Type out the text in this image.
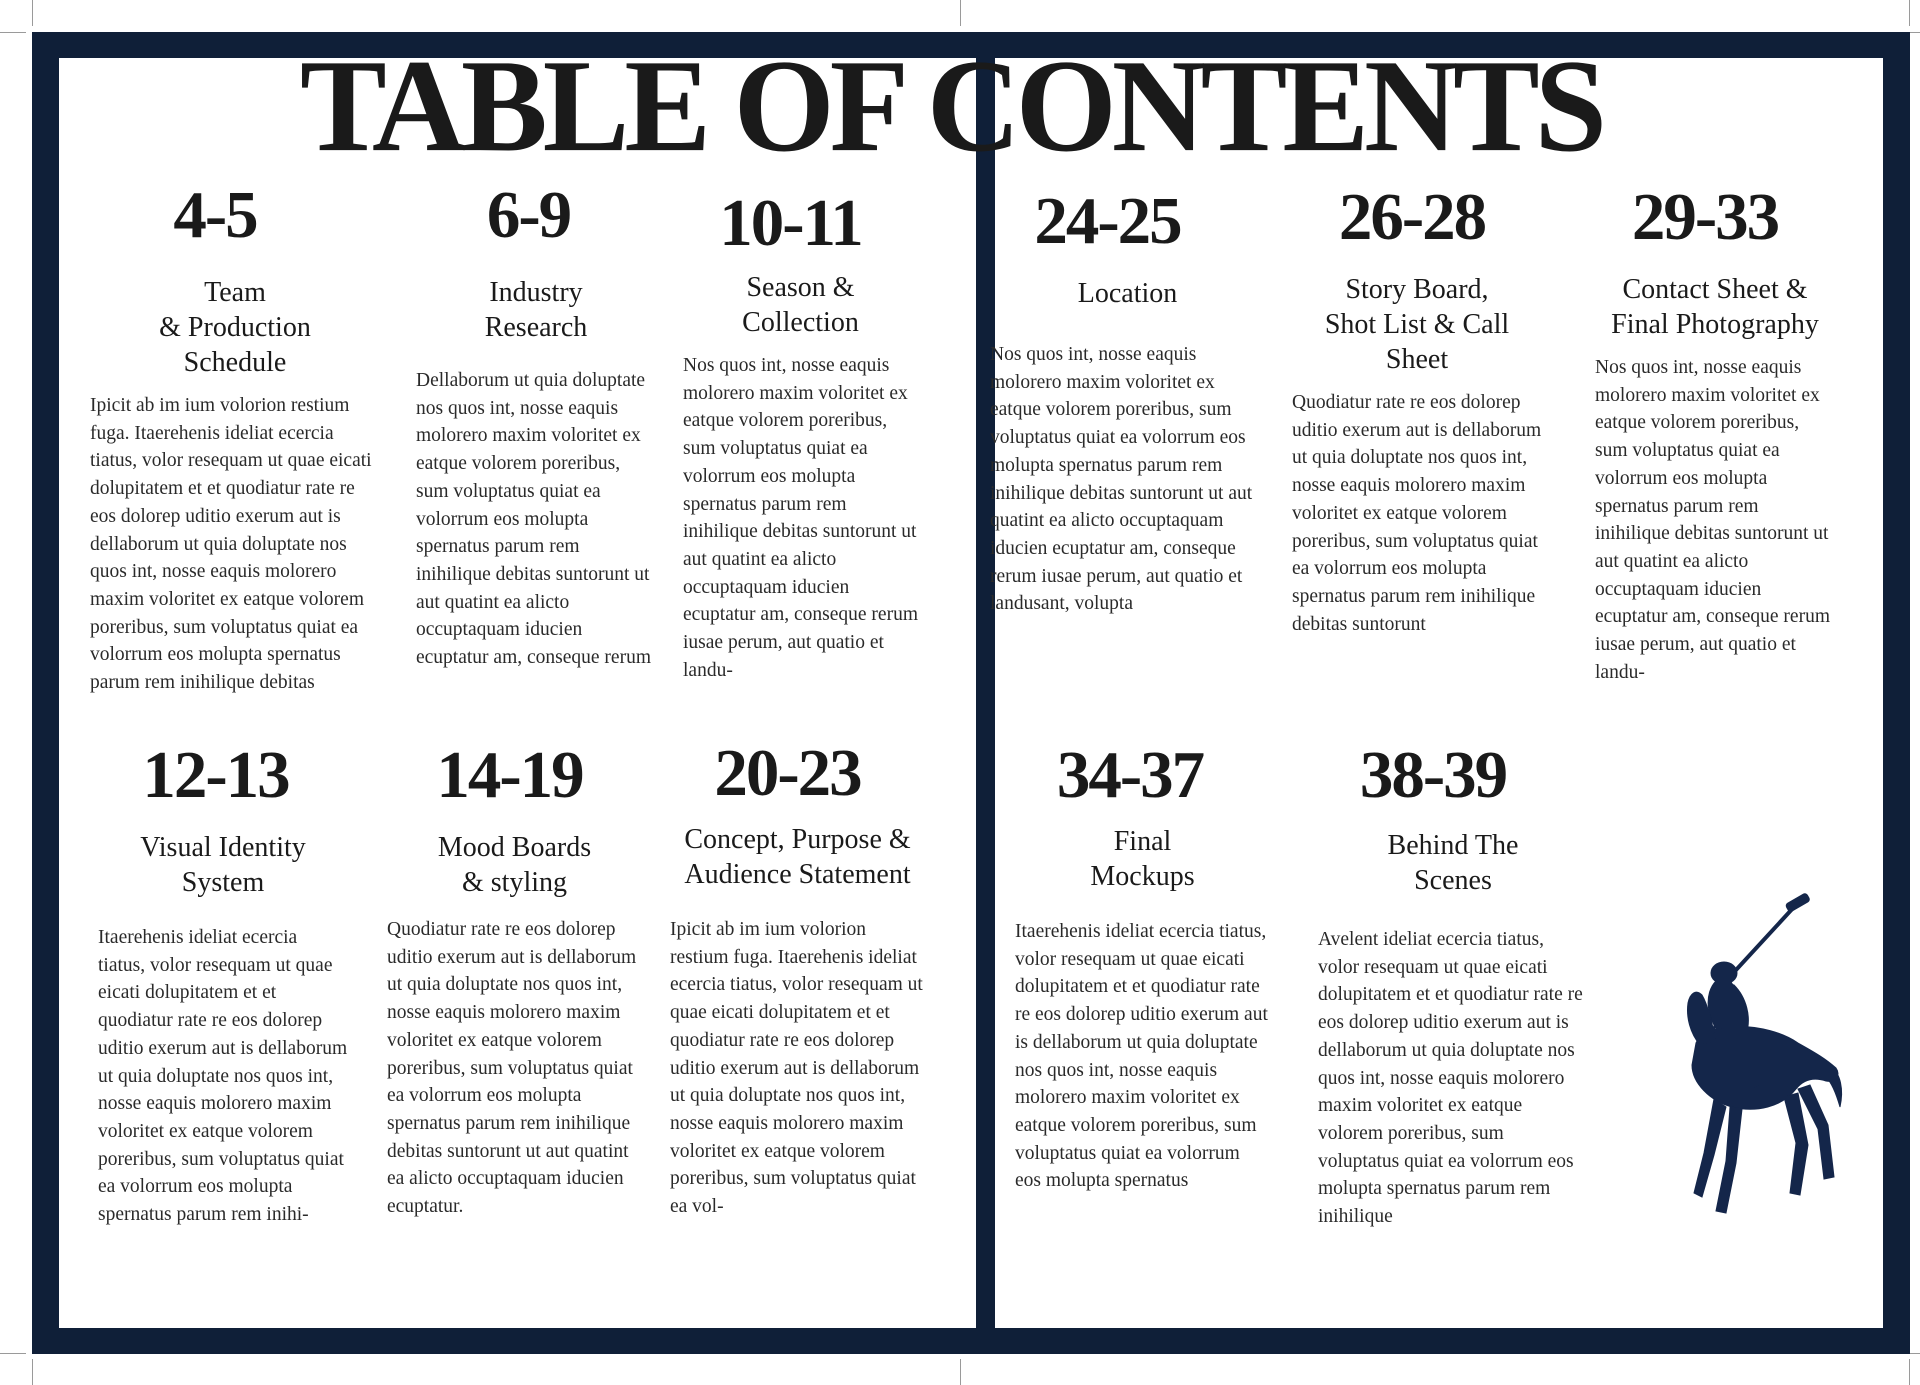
TABLE OF CONTENTS
4-5
Team
& Production
Schedule
Ipicit ab im ium volorion restium fuga. Itaerehenis ideliat ecercia tiatus, volor resequam ut quae eicati dolupitatem et et quodiatur rate re eos dolorep uditio exerum aut is dellaborum ut quia doluptate nos quos int, nosse eaquis molorero maxim voloritet ex eatque volorem poreribus, sum voluptatus quiat ea volorrum eos molupta spernatus parum rem inihilique debitas
6-9
Industry
Research
Dellaborum ut quia doluptate nos quos int, nosse eaquis molorero maxim voloritet ex eatque volorem poreribus, sum voluptatus quiat ea volorrum eos molupta spernatus parum rem inihilique debitas suntorunt ut aut quatint ea alicto occuptaquam iducien ecuptatur am, conseque rerum
10-11
Season &
Collection
Nos quos int, nosse eaquis molorero maxim voloritet ex eatque volorem poreribus, sum voluptatus quiat ea volorrum eos molupta spernatus parum rem inihilique debitas suntorunt ut aut quatint ea alicto occuptaquam iducien ecuptatur am, conseque rerum iusae perum, aut quatio et landu-
24-25
Location
Nos quos int, nosse eaquis molorero maxim voloritet ex eatque volorem poreribus, sum voluptatus quiat ea volorrum eos molupta spernatus parum rem inihilique debitas suntorunt ut aut quatint ea alicto occuptaquam iducien ecuptatur am, conseque rerum iusae perum, aut quatio et landusant, volupta
26-28
Story Board,
Shot List & Call
Sheet
Quodiatur rate re eos dolorep uditio exerum aut is dellaborum ut quia doluptate nos quos int, nosse eaquis molorero maxim voloritet ex eatque volorem poreribus, sum voluptatus quiat ea volorrum eos molupta spernatus parum rem inihilique debitas suntorunt
29-33
Contact Sheet &
Final Photography
Nos quos int, nosse eaquis molorero maxim voloritet ex eatque volorem poreribus, sum voluptatus quiat ea volorrum eos molupta spernatus parum rem inihilique debitas suntorunt ut aut quatint ea alicto occuptaquam iducien ecuptatur am, conseque rerum iusae perum, aut quatio et landu-
12-13
Visual Identity
System
Itaerehenis ideliat ecercia tiatus, volor resequam ut quae eicati dolupitatem et et quodiatur rate re eos dolorep uditio exerum aut is dellaborum ut quia doluptate nos quos int, nosse eaquis molorero maxim voloritet ex eatque volorem poreribus, sum voluptatus quiat ea volorrum eos molupta spernatus parum rem inihi-
14-19
Mood Boards
& styling
Quodiatur rate re eos dolorep uditio exerum aut is dellaborum ut quia doluptate nos quos int, nosse eaquis molorero maxim voloritet ex eatque volorem poreribus, sum voluptatus quiat ea volorrum eos molupta spernatus parum rem inihilique debitas suntorunt ut aut quatint ea alicto occuptaquam iducien ecuptatur.
20-23
Concept, Purpose &
Audience Statement
Ipicit ab im ium volorion restium fuga. Itaerehenis ideliat ecercia tiatus, volor resequam ut quae eicati dolupitatem et et quodiatur rate re eos dolorep uditio exerum aut is dellaborum ut quia doluptate nos quos int, nosse eaquis molorero maxim voloritet ex eatque volorem poreribus, sum voluptatus quiat ea vol-
34-37
Final
Mockups
Itaerehenis ideliat ecercia tiatus, volor resequam ut quae eicati dolupitatem et et quodiatur rate re eos dolorep uditio exerum aut is dellaborum ut quia doluptate nos quos int, nosse eaquis molorero maxim voloritet ex eatque volorem poreribus, sum voluptatus quiat ea volorrum eos molupta spernatus
38-39
Behind The
Scenes
Avelent ideliat ecercia tiatus, volor resequam ut quae eicati dolupitatem et et quodiatur rate re eos dolorep uditio exerum aut is dellaborum ut quia doluptate nos quos int, nosse eaquis molorero maxim voloritet ex eatque volorem poreribus, sum voluptatus quiat ea volorrum eos molupta spernatus parum rem inihilique
